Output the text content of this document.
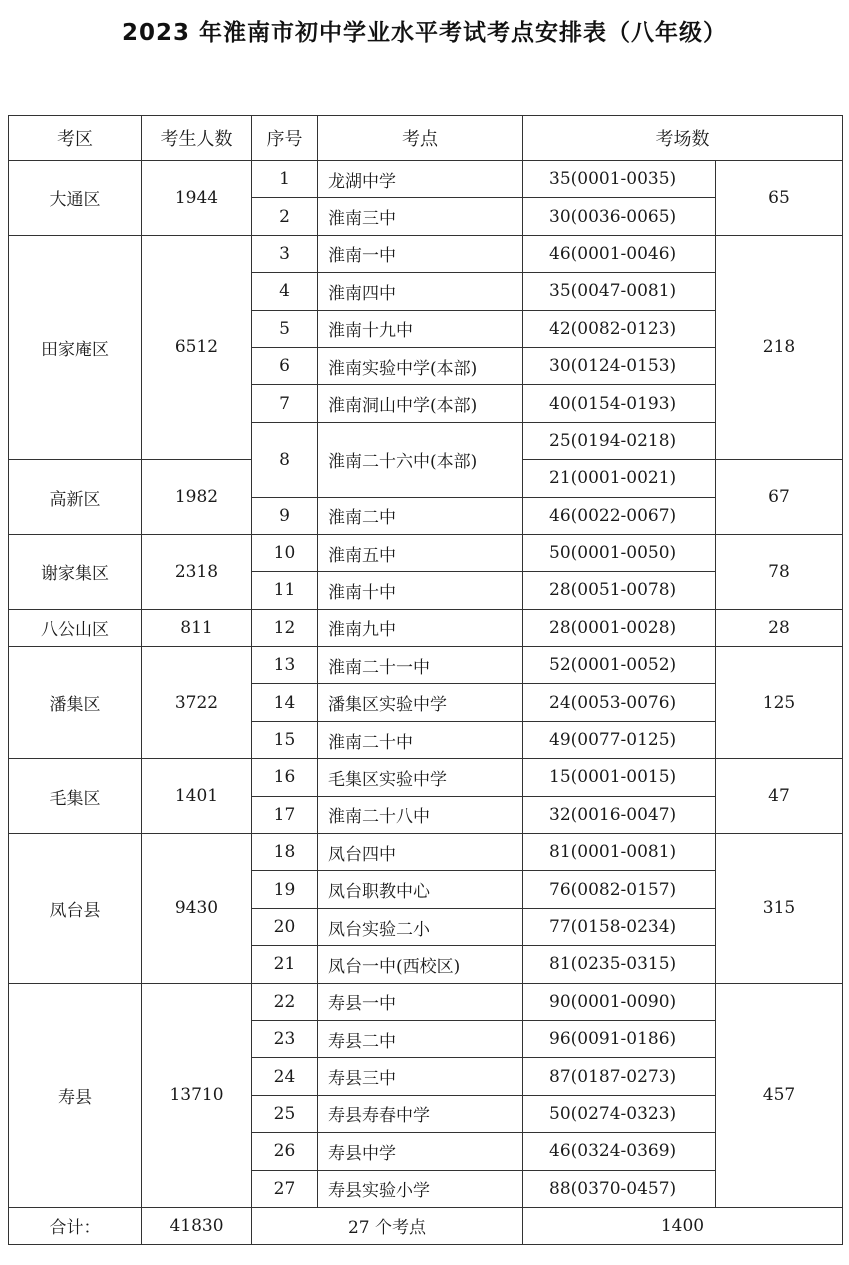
2023 年淮南市初中学业水平考试考点安排表（八年级）
考区	考生人数	序号	考点	考场数	
大通区	1944	1	龙湖中学	35(0001-0035)	65
		2	淮南三中	30(0036-0065)	
田家庵区	6512	3	淮南一中	46(0001-0046)	218
		4	淮南四中	35(0047-0081)	
		5	淮南十九中	42(0082-0123)	
		6	淮南实验中学(本部)	30(0124-0153)	
		7	淮南洞山中学(本部)	40(0154-0193)	
		8	淮南二十六中(本部)	25(0194-0218)	
高新区	1982			21(0001-0021)	67
		9	淮南二中	46(0022-0067)	
谢家集区	2318	10	淮南五中	50(0001-0050)	78
		11	淮南十中	28(0051-0078)	
八公山区	811	12	淮南九中	28(0001-0028)	28
潘集区	3722	13	淮南二十一中	52(0001-0052)	125
		14	潘集区实验中学	24(0053-0076)	
		15	淮南二十中	49(0077-0125)	
毛集区	1401	16	毛集区实验中学	15(0001-0015)	47
		17	淮南二十八中	32(0016-0047)	
凤台县	9430	18	凤台四中	81(0001-0081)	315
		19	凤台职教中心	76(0082-0157)	
		20	凤台实验二小	77(0158-0234)	
		21	凤台一中(西校区)	81(0235-0315)	
寿县	13710	22	寿县一中	90(0001-0090)	457
		23	寿县二中	96(0091-0186)	
		24	寿县三中	87(0187-0273)	
		25	寿县寿春中学	50(0274-0323)	
		26	寿县中学	46(0324-0369)	
		27	寿县实验小学	88(0370-0457)	
合计：	41830	27 个考点		1400	
